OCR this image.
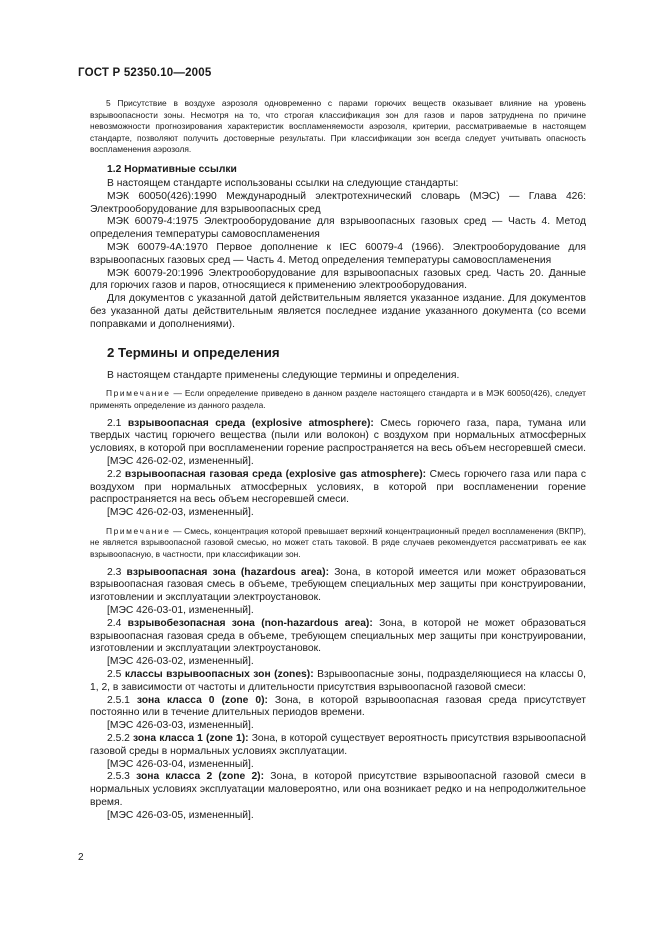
ГОСТ Р 52350.10—2005

5 Присутствие в воздухе аэрозоля одновременно с парами горючих веществ оказывает влияние на уровень взрывоопасности зоны. Несмотря на то, что строгая классификация зон для газов и паров затруднена по причине невозможности прогнозирования характеристик воспламеняемости аэрозоля, критерии, рассматриваемые в настоящем стандарте, позволяют получить достоверные результаты. При классификации зон всегда следует учитывать опасность воспламенения аэрозоля.

1.2 Нормативные ссылки

В настоящем стандарте использованы ссылки на следующие стандарты:

МЭК 60050(426):1990 Международный электротехнический словарь (МЭС) — Глава 426: Электрооборудование для взрывоопасных сред

МЭК 60079-4:1975 Электрооборудование для взрывоопасных газовых сред — Часть 4. Метод определения температуры самовоспламенения

МЭК 60079-4А:1970 Первое дополнение к IEC 60079-4 (1966). Электрооборудование для взрывоопасных газовых сред — Часть 4. Метод определения температуры самовоспламенения

МЭК 60079-20:1996 Электрооборудование для взрывоопасных газовых сред. Часть 20. Данные для горючих газов и паров, относящиеся к применению электрооборудования.

Для документов с указанной датой действительным является указанное издание. Для документов без указанной даты действительным является последнее издание указанного документа (со всеми поправками и дополнениями).

2 Термины и определения

В настоящем стандарте применены следующие термины и определения.

Примечание — Если определение приведено в данном разделе настоящего стандарта и в МЭК 60050(426), следует применять определение из данного раздела.

2.1 взрывоопасная среда (explosive atmosphere): Смесь горючего газа, пара, тумана или твердых частиц горючего вещества (пыли или волокон) с воздухом при нормальных атмосферных условиях, в которой при воспламенении горение распространяется на весь объем несгоревшей смеси.

[МЭС 426-02-02, измененный].

2.2 взрывоопасная газовая среда (explosive gas atmosphere): Смесь горючего газа или пара с воздухом при нормальных атмосферных условиях, в которой при воспламенении горение распространяется на весь объем несгоревшей смеси.

[МЭС 426-02-03, измененный].

Примечание — Смесь, концентрация которой превышает верхний концентрационный предел воспламенения (ВКПР), не является взрывоопасной газовой смесью, но может стать таковой. В ряде случаев рекомендуется рассматривать ее как взрывоопасную, в частности, при классификации зон.

2.3 взрывоопасная зона (hazardous area): Зона, в которой имеется или может образоваться взрывоопасная газовая смесь в объеме, требующем специальных мер защиты при конструировании, изготовлении и эксплуатации электроустановок.

[МЭС 426-03-01, измененный].

2.4 взрывобезопасная зона (non-hazardous area): Зона, в которой не может образоваться взрывоопасная газовая среда в объеме, требующем специальных мер защиты при конструировании, изготовлении и эксплуатации электроустановок.

[МЭС 426-03-02, измененный].

2.5 классы взрывоопасных зон (zones): Взрывоопасные зоны, подразделяющиеся на классы 0, 1, 2, в зависимости от частоты и длительности присутствия взрывоопасной газовой смеси:

2.5.1 зона класса 0 (zone 0): Зона, в которой взрывоопасная газовая среда присутствует постоянно или в течение длительных периодов времени.

[МЭС 426-03-03, измененный].

2.5.2 зона класса 1 (zone 1): Зона, в которой существует вероятность присутствия взрывоопасной газовой среды в нормальных условиях эксплуатации.

[МЭС 426-03-04, измененный].

2.5.3 зона класса 2 (zone 2): Зона, в которой присутствие взрывоопасной газовой смеси в нормальных условиях эксплуатации маловероятно, или она возникает редко и на непродолжительное время.

[МЭС 426-03-05, измененный].

2
